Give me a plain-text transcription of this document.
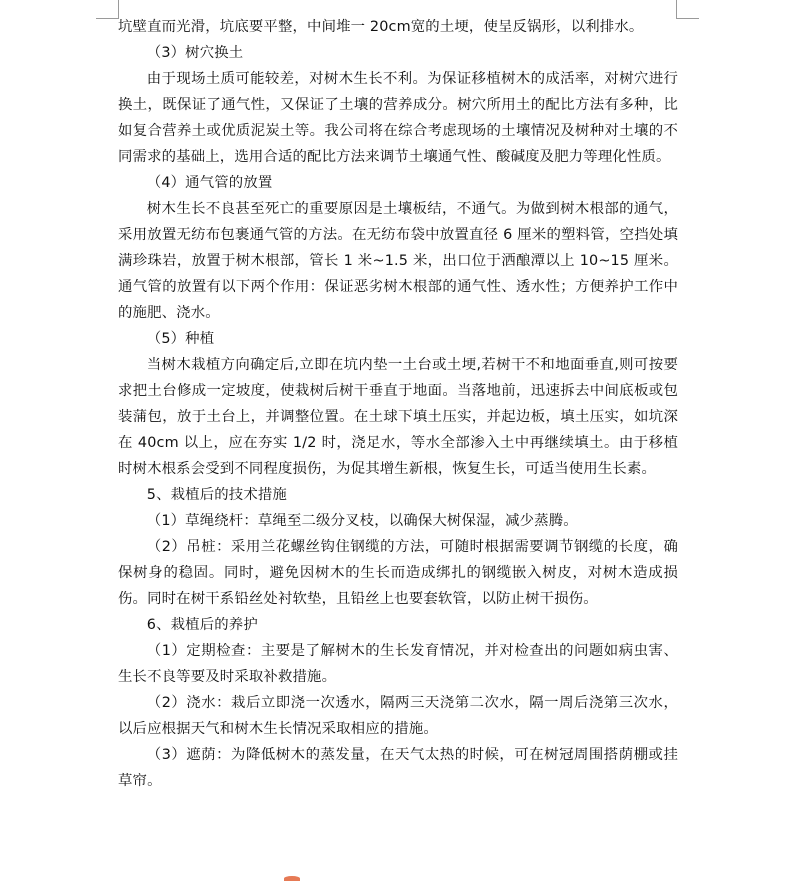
坑壁直而光滑，坑底要平整，中间堆一 20cm宽的土埂，使呈反锅形，以利排水。

（3）树穴换土

由于现场土质可能较差，对树木生长不利。为保证移植树木的成活率，对树穴进行换土，既保证了通气性，又保证了土壤的营养成分。树穴所用土的配比方法有多种，比如复合营养土或优质泥炭土等。我公司将在综合考虑现场的土壤情况及树种对土壤的不同需求的基础上，选用合适的配比方法来调节土壤通气性、酸碱度及肥力等理化性质。

（4）通气管的放置

树木生长不良甚至死亡的重要原因是土壤板结，不通气。为做到树木根部的通气，采用放置无纺布包裹通气管的方法。在无纺布袋中放置直径 6 厘米的塑料管，空挡处填满珍珠岩，放置于树木根部，管长 1 米~1.5 米，出口位于洒酿潭以上 10~15 厘米。通气管的放置有以下两个作用：保证恶劣树木根部的通气性、透水性；方便养护工作中的施肥、浇水。

（5）种植

当树木栽植方向确定后,立即在坑内垫一土台或土埂,若树干不和地面垂直,则可按要求把土台修成一定坡度，使栽树后树干垂直于地面。当落地前，迅速拆去中间底板或包装蒲包，放于土台上，并调整位置。在土球下填土压实，并起边板，填土压实，如坑深在 40cm 以上，应在夯实 1/2 时，浇足水，等水全部渗入土中再继续填土。由于移植时树木根系会受到不同程度损伤，为促其增生新根，恢复生长，可适当使用生长素。

5、栽植后的技术措施

（1）草绳绕杆：草绳至二级分叉枝，以确保大树保湿，减少蒸腾。

（2）吊桩：采用兰花螺丝钩住钢缆的方法，可随时根据需要调节钢缆的长度，确保树身的稳固。同时，避免因树木的生长而造成绑扎的钢缆嵌入树皮，对树木造成损伤。同时在树干系铅丝处衬软垫，且铅丝上也要套软管，以防止树干损伤。

6、栽植后的养护

（1）定期检查：主要是了解树木的生长发育情况，并对检查出的问题如病虫害、生长不良等要及时采取补救措施。

（2）浇水：栽后立即浇一次透水，隔两三天浇第二次水，隔一周后浇第三次水，以后应根据天气和树木生长情况采取相应的措施。

（3）遮荫：为降低树木的蒸发量，在天气太热的时候，可在树冠周围搭荫棚或挂草帘。
